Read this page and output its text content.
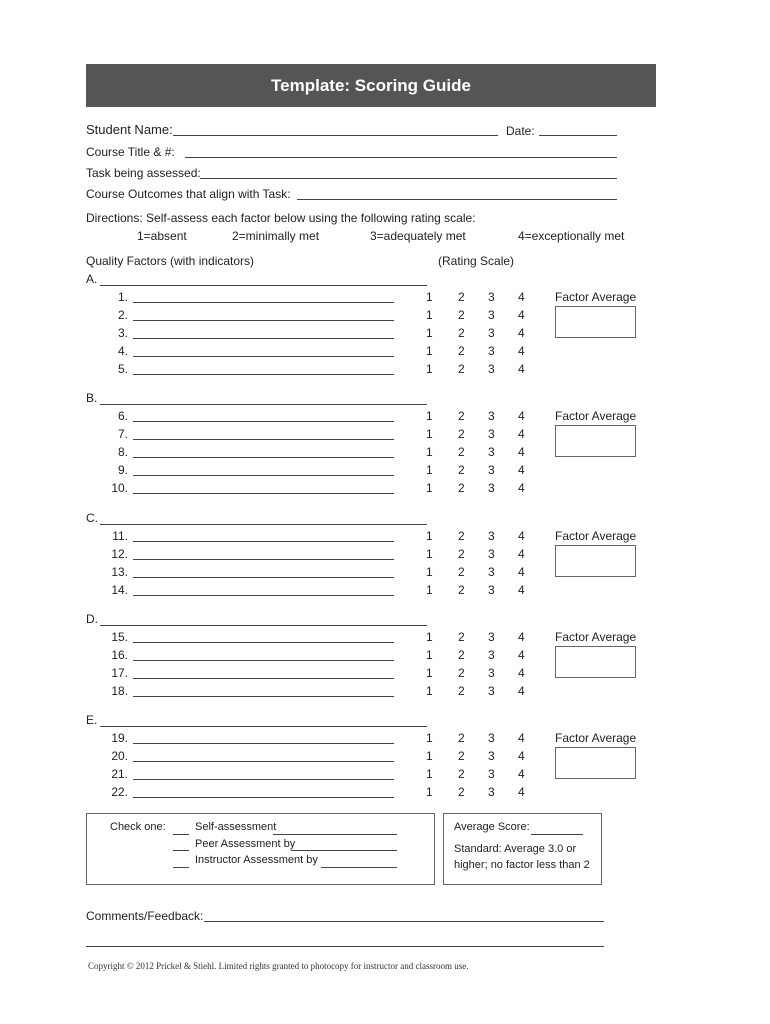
Template: Scoring Guide
Student Name:	Date:
Course Title & #:
Task being assessed:
Course Outcomes that align with Task:
Directions: Self-assess each factor below using the following rating scale:
1=absent	2=minimally met	3=adequately met	4=exceptionally met
Quality Factors (with indicators)	(Rating Scale)
A.
1.	1 2 3 4
2.	1 2 3 4
3.	1 2 3 4
4.	1 2 3 4
5.	1 2 3 4
Factor Average
B.
6.	1 2 3 4
7.	1 2 3 4
8.	1 2 3 4
9.	1 2 3 4
10.	1 2 3 4
Factor Average
C.
11.	1 2 3 4
12.	1 2 3 4
13.	1 2 3 4
14.	1 2 3 4
Factor Average
D.
15.	1 2 3 4
16.	1 2 3 4
17.	1 2 3 4
18.	1 2 3 4
Factor Average
E.
19.	1 2 3 4
20.	1 2 3 4
21.	1 2 3 4
22.	1 2 3 4
Factor Average
Check one:	Self-assessment
Peer Assessment by
Instructor Assessment by
Average Score:
Standard: Average 3.0 or
higher; no factor less than 2
Comments/Feedback:
Copyright © 2012 Prickel & Stiehl. Limited rights granted to photocopy for instructor and classroom use.
